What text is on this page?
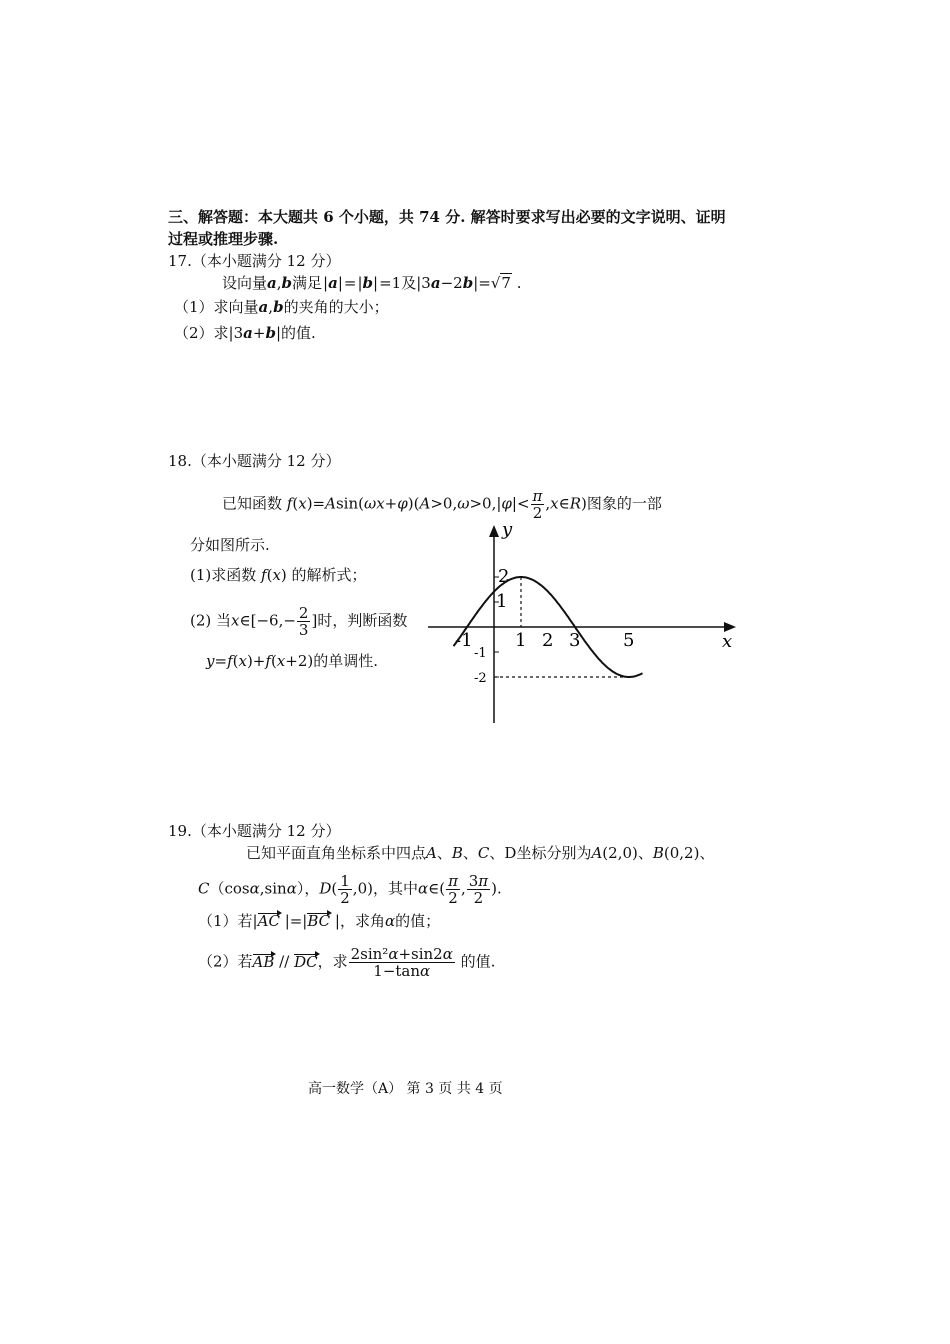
三、解答题：本大题共 6 个小题，共 74 分. 解答时要求写出必要的文字说明、证明
过程或推理步骤.
17.（本小题满分 12 分）
设向量a,b满足|a|=|b|=1及|3a−2b|=√7 .
（1）求向量a,b的夹角的大小；
（2）求|3a+b|的值.
18.（本小题满分 12 分）
已知函数 $f(x)=Asin(\omega x+\varphi)(A>0,\omega>0,|\varphi|< \frac{\pi}{2}$ ,x∈R)图象的一部
分如图所示.
(1)求函数 f(x) 的解析式；
(2) 当x∈[−6,− $\frac{2}{3}$ ]时，判断函数
y=f(x)+f(x+2)的单调性.
x
y
-1 1 2 3 5
2
1
-1
-2
19.（本小题满分 12 分）
已知平面直角坐标系中四点A、B、C、D坐标分别为A(2,0)、B(0,2)、
C（cosα,sinα），$D( \frac{1}{2} ,0)$，其中α∈( $\frac{\pi}{2}$ , $\frac{3\pi}{2}$ ).
（1）若|AC |=|BC |，求角α的值；
（2）若AB // DC，求 $\frac{\text{2sin²α+sin2α}}{1-\tan\alpha}$ 的值.
高一数学（A） 第 3 页 共 4 页
